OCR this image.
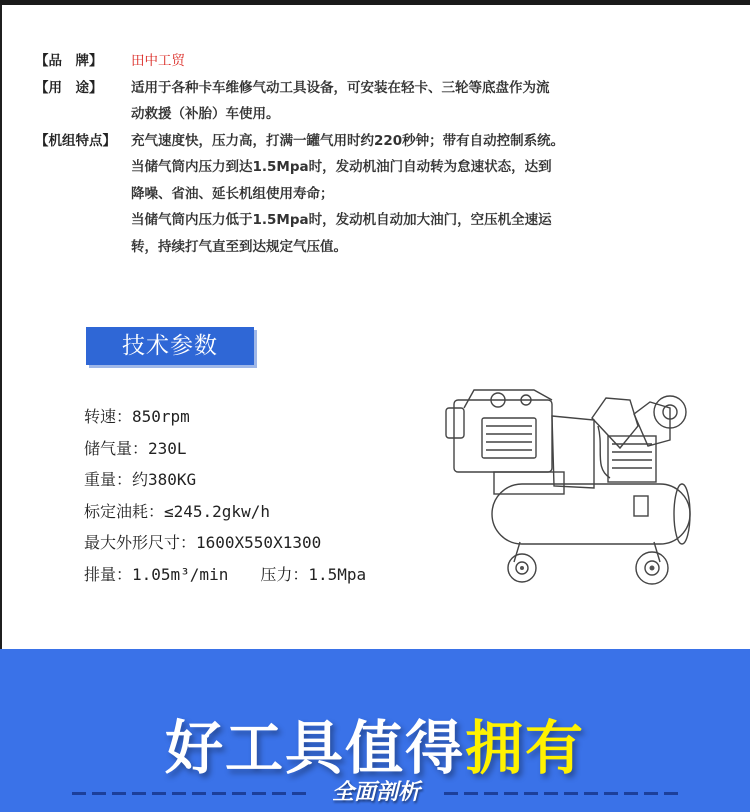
【品　牌】	田中工贸
【用　途】	适用于各种卡车维修气动工具设备，可安装在轻卡、三轮等底盘作为流
动救援（补胎）车使用。
【机组特点】	充气速度快，压力高，打满一罐气用时约220秒钟；带有自动控制系统。
当储气筒内压力到达1.5Mpa时，发动机油门自动转为怠速状态，达到
降噪、省油、延长机组使用寿命；
当储气筒内压力低于1.5Mpa时，发动机自动加大油门，空压机全速运
转，持续打气直至到达规定气压值。
技术参数
转速：850rpm
储气量：230L
重量：约380KG
标定油耗：≤245.2gkw/h
最大外形尺寸：1600X550X1300
排量：1.05m³/min　　压力：1.5Mpa
好工具值得拥有
全面剖析
